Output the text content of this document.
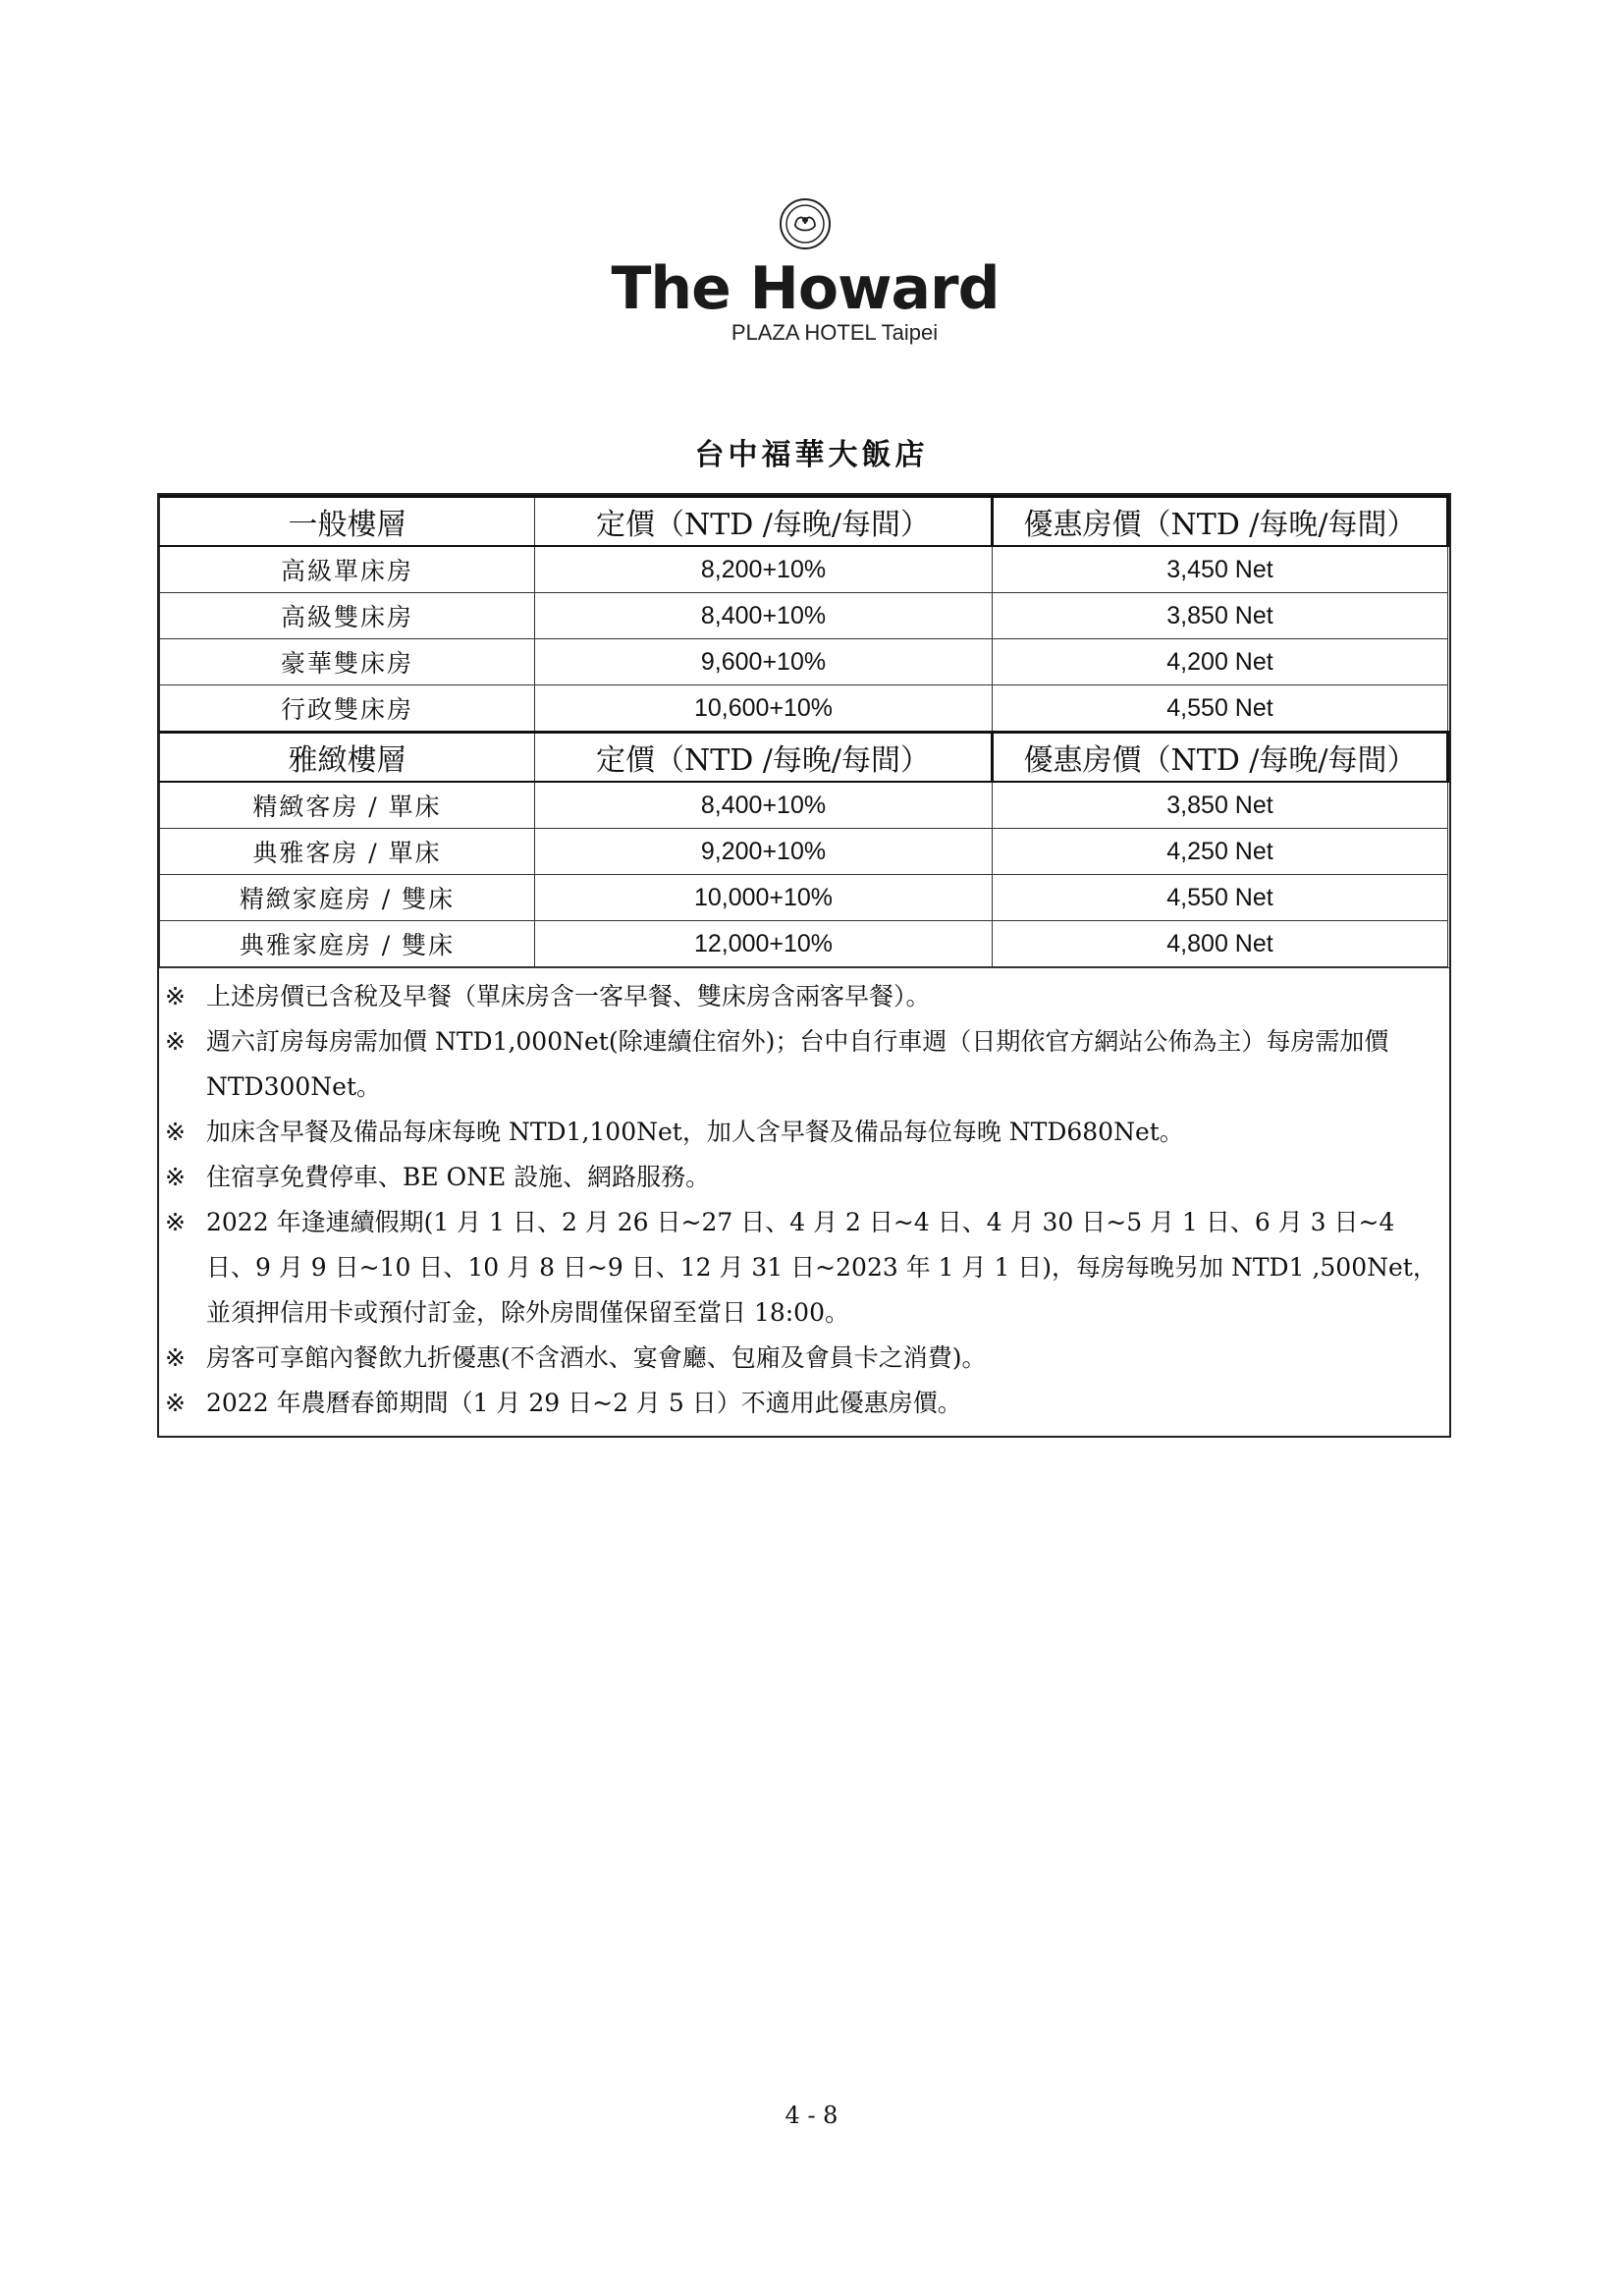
The Howard
PLAZA HOTEL Taipei
台中福華大飯店
一般樓層	定價（NTD /每晚/每間）	優惠房價（NTD /每晚/每間）
高級單床房	8,200+10%	3,450 Net
高級雙床房	8,400+10%	3,850 Net
豪華雙床房	9,600+10%	4,200 Net
行政雙床房	10,600+10%	4,550 Net
雅緻樓層	定價（NTD /每晚/每間）	優惠房價（NTD /每晚/每間）
精緻客房 / 單床	8,400+10%	3,850 Net
典雅客房 / 單床	9,200+10%	4,250 Net
精緻家庭房 / 雙床	10,000+10%	4,550 Net
典雅家庭房 / 雙床	12,000+10%	4,800 Net
※ 上述房價已含稅及早餐（單床房含一客早餐、雙床房含兩客早餐）。
※ 週六訂房每房需加價 NTD1,000Net(除連續住宿外)；台中自行車週（日期依官方網站公佈為主）每房需加價 NTD300Net。
※ 加床含早餐及備品每床每晚 NTD1,100Net，加人含早餐及備品每位每晚 NTD680Net。
※ 住宿享免費停車、BE ONE 設施、網路服務。
※ 2022 年逢連續假期(1 月 1 日、2 月 26 日~27 日、4 月 2 日~4 日、4 月 30 日~5 月 1 日、6 月 3 日~4 日、9 月 9 日~10 日、10 月 8 日~9 日、12 月 31 日~2023 年 1 月 1 日)，每房每晚另加 NTD1 ,500Net，並須押信用卡或預付訂金，除外房間僅保留至當日 18:00。
※ 房客可享館內餐飲九折優惠(不含酒水、宴會廳、包廂及會員卡之消費)。
※ 2022 年農曆春節期間（1 月 29 日~2 月 5 日）不適用此優惠房價。
4 - 8
